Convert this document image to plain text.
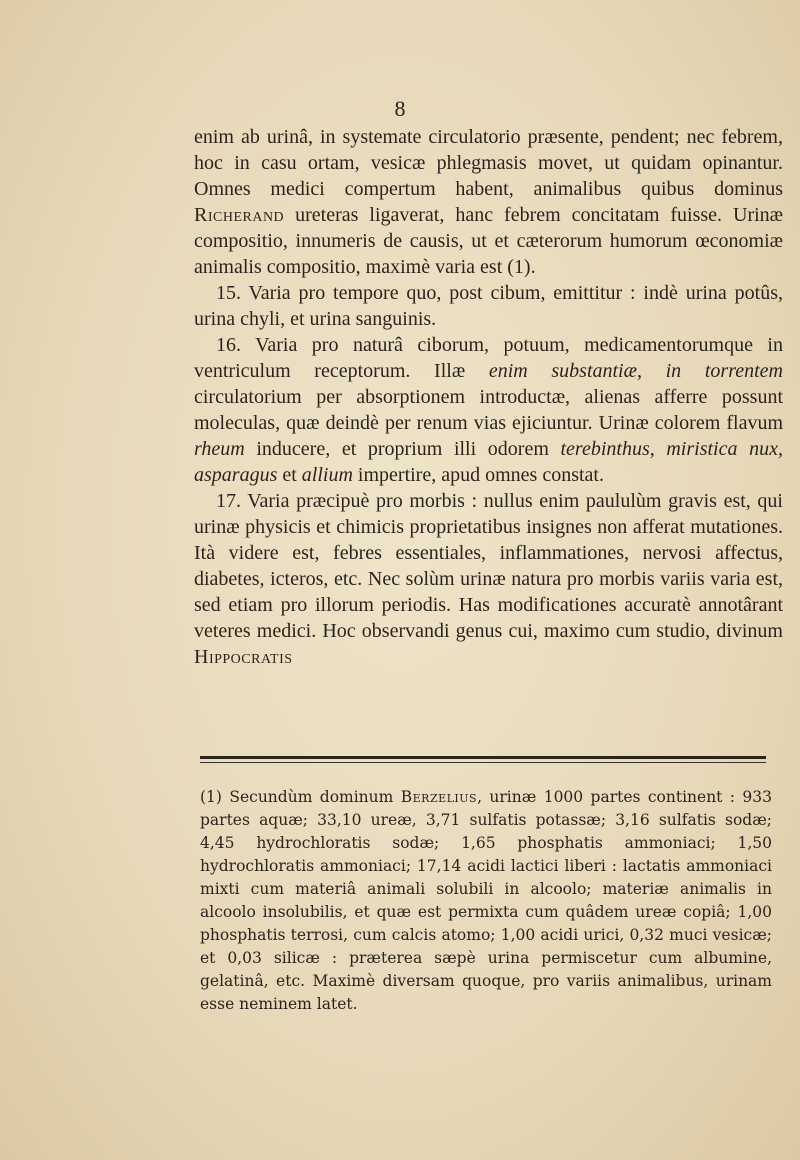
8

enim ab urinâ, in systemate circulatorio præsente, pendent; nec febrem, hoc in casu ortam, vesicæ phlegmasis movet, ut quidam opinantur. Omnes medici compertum habent, animalibus quibus dominus Richerand ureteras ligaverat, hanc febrem concitatam fuisse. Urinæ compositio, innumeris de causis, ut et cæterorum humorum œconomiæ animalis compositio, maximè varia est (1).

15. Varia pro tempore quo, post cibum, emittitur : indè urina potûs, urina chyli, et urina sanguinis.

16. Varia pro naturâ ciborum, potuum, medicamentorumque in ventriculum receptorum. Illæ enim substantiæ, in torrentem circulatorium per absorptionem introductæ, alienas afferre possunt moleculas, quæ deindè per renum vias ejiciuntur. Urinæ colorem flavum rheum inducere, et proprium illi odorem terebinthus, miristica nux, asparagus et allium impertire, apud omnes constat.

17. Varia præcipuè pro morbis : nullus enim paululùm gravis est, qui urinæ physicis et chimicis proprietatibus insignes non afferat mutationes. Ità videre est, febres essentiales, inflammationes, nervosi affectus, diabetes, icteros, etc. Nec solùm urinæ natura pro morbis variis varia est, sed etiam pro illorum periodis. Has modificationes accuratè annotârant veteres medici. Hoc observandi genus cui, maximo cum studio, divinum Hippocratis

(1) Secundùm dominum Berzelius, urinæ 1000 partes continent : 933 partes aquæ; 33,10 ureæ, 3,71 sulfatis potassæ; 3,16 sulfatis sodæ; 4,45 hydrochloratis sodæ; 1,65 phosphatis ammoniaci; 1,50 hydrochloratis ammoniaci; 17,14 acidi lactici liberi : lactatis ammoniaci mixti cum materiâ animali solubili in alcoolo; materiæ animalis in alcoolo insolubilis, et quæ est permixta cum quâdem ureæ copiâ; 1,00 phosphatis terrosi, cum calcis atomo; 1,00 acidi urici, 0,32 muci vesicæ; et 0,03 silicæ : præterea sæpè urina permiscetur cum albumine, gelatinâ, etc. Maximè diversam quoque, pro variis animalibus, urinam esse neminem latet.
